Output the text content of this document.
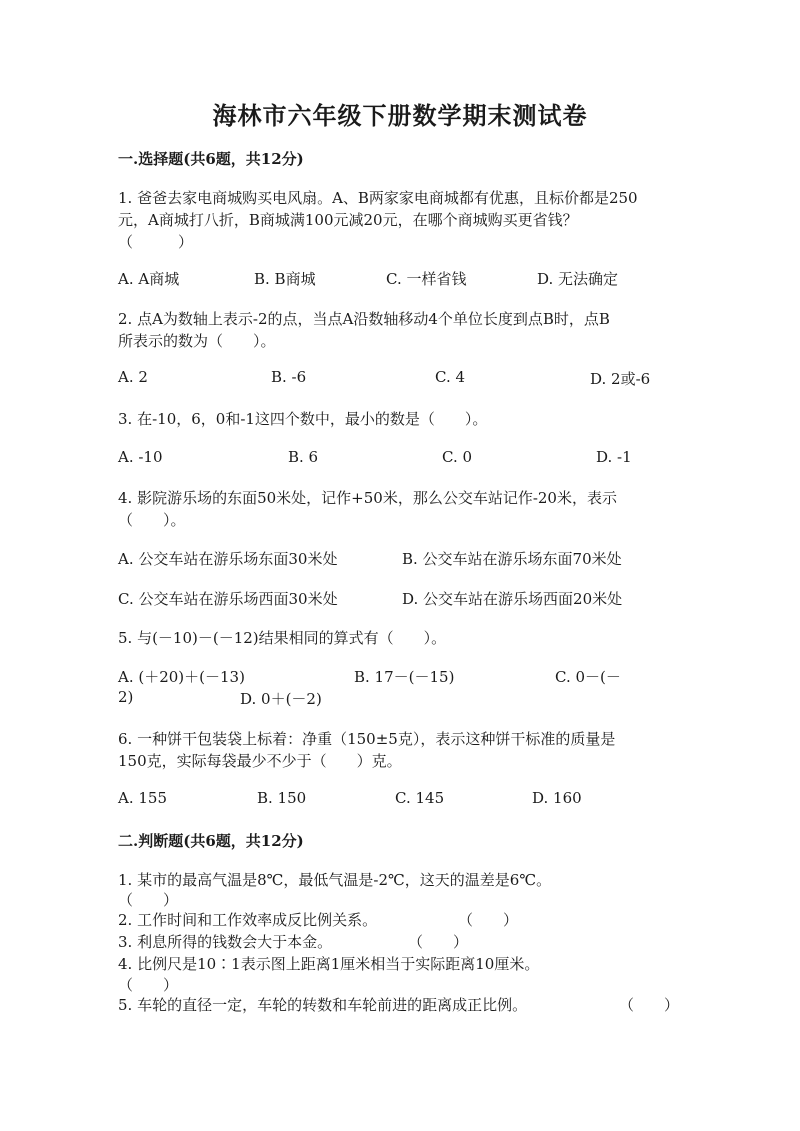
海林市六年级下册数学期末测试卷
一.选择题(共6题，共12分)
1. 爸爸去家电商城购买电风扇。A、B两家家电商城都有优惠，且标价都是250
元，A商城打八折，B商城满100元减20元，在哪个商城购买更省钱？
（　　　）
A. A商城	B. B商城	C. 一样省钱	D. 无法确定
2. 点A为数轴上表示-2的点，当点A沿数轴移动4个单位长度到点B时，点B
所表示的数为（　　）。
A. 2	B. -6	C. 4	D. 2或-6
3. 在-10，6，0和-1这四个数中，最小的数是（　　）。
A. -10	B. 6	C. 0	D. -1
4. 影院游乐场的东面50米处，记作+50米，那么公交车站记作-20米，表示
（　　）。
A. 公交车站在游乐场东面30米处	B. 公交车站在游乐场东面70米处
C. 公交车站在游乐场西面30米处	D. 公交车站在游乐场西面20米处
5. 与(－10)－(－12)结果相同的算式有（　　）。
A. (＋20)＋(－13)	B. 17－(－15)	C. 0－(－
2)	D. 0＋(－2)
6. 一种饼干包装袋上标着：净重（150±5克），表示这种饼干标准的质量是
150克，实际每袋最少不少于（　　）克。
A. 155	B. 150	C. 145	D. 160
二.判断题(共6题，共12分)
1. 某市的最高气温是8℃，最低气温是-2℃，这天的温差是6℃。
（　　）
2. 工作时间和工作效率成反比例关系。	（　　）
3. 利息所得的钱数会大于本金。	（　　）
4. 比例尺是10∶1表示图上距离1厘米相当于实际距离10厘米。
（　　）
5. 车轮的直径一定，车轮的转数和车轮前进的距离成正比例。	（　　）
